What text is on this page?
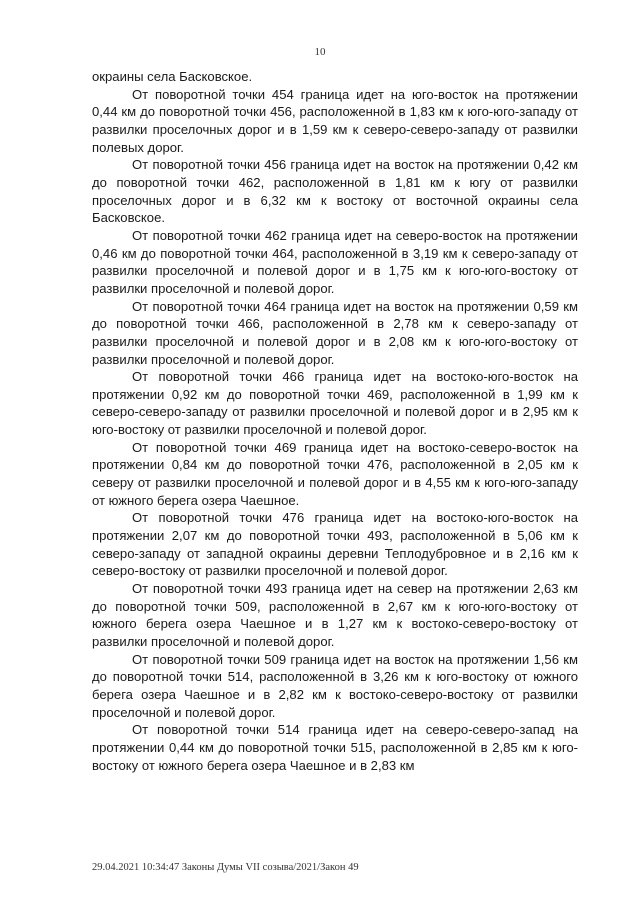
10

окраины села Басковское.

От поворотной точки 454 граница идет на юго-восток на протяжении 0,44 км до поворотной точки 456, расположенной в 1,83 км к юго-юго-западу от развилки проселочных дорог и в 1,59 км к северо-северо-западу от развилки полевых дорог.

От поворотной точки 456 граница идет на восток на протяжении 0,42 км до поворотной точки 462, расположенной в 1,81 км к югу от развилки проселочных дорог и в 6,32 км к востоку от восточной окраины села Басковское.

От поворотной точки 462 граница идет на северо-восток на протяжении 0,46 км до поворотной точки 464, расположенной в 3,19 км к северо-западу от развилки проселочной и полевой дорог и в 1,75 км к юго-юго-востоку от развилки проселочной и полевой дорог.

От поворотной точки 464 граница идет на восток на протяжении 0,59 км до поворотной точки 466, расположенной в 2,78 км к северо-западу от развилки проселочной и полевой дорог и в 2,08 км к юго-юго-востоку от развилки проселочной и полевой дорог.

От поворотной точки 466 граница идет на востоко-юго-восток на протяжении 0,92 км до поворотной точки 469, расположенной в 1,99 км к северо-северо-западу от развилки проселочной и полевой дорог и в 2,95 км к юго-востоку от развилки проселочной и полевой дорог.

От поворотной точки 469 граница идет на востоко-северо-восток на протяжении 0,84 км до поворотной точки 476, расположенной в 2,05 км к северу от развилки проселочной и полевой дорог и в 4,55 км к юго-юго-западу от южного берега озера Чаешное.

От поворотной точки 476 граница идет на востоко-юго-восток на протяжении 2,07 км до поворотной точки 493, расположенной в 5,06 км к северо-западу от западной окраины деревни Теплодубровное и в 2,16 км к северо-востоку от развилки проселочной и полевой дорог.

От поворотной точки 493 граница идет на север на протяжении 2,63 км до поворотной точки 509, расположенной в 2,67 км к юго-юго-востоку от южного берега озера Чаешное и в 1,27 км к востоко-северо-востоку от развилки проселочной и полевой дорог.

От поворотной точки 509 граница идет на восток на протяжении 1,56 км до поворотной точки 514, расположенной в 3,26 км к юго-востоку от южного берега озера Чаешное и в 2,82 км к востоко-северо-востоку от развилки проселочной и полевой дорог.

От поворотной точки 514 граница идет на северо-северо-запад на протяжении 0,44 км до поворотной точки 515, расположенной в 2,85 км к юго-востоку от южного берега озера Чаешное и в 2,83 км

29.04.2021 10:34:47 Законы Думы VII созыва/2021/Закон 49
